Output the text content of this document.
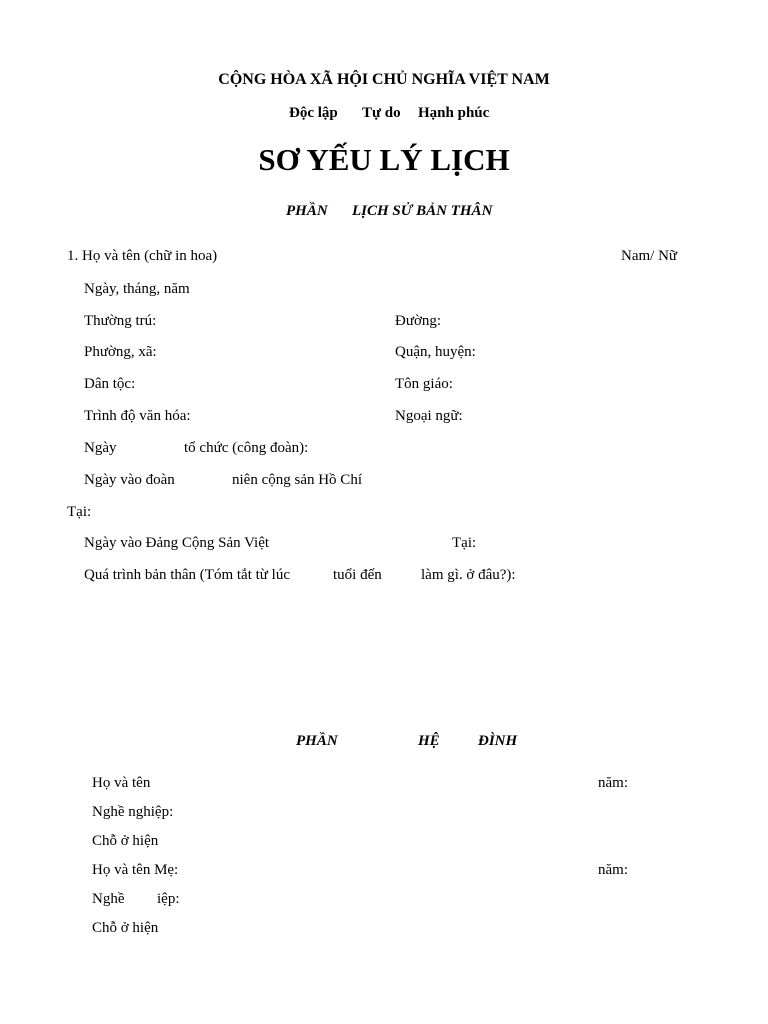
CỘNG HÒA XÃ HỘI CHỦ NGHĨA VIỆT NAM
Độc lập Tự do Hạnh phúc
SƠ YẾU LÝ LỊCH
PHẦN LỊCH SỬ BẢN THÂN
1. Họ và tên (chữ in hoa)	Nam/ Nữ
Ngày, tháng, năm
Thường trú:	Đường:
Phường, xã:	Quận, huyện:
Dân tộc:	Tôn giáo:
Trình độ văn hóa:	Ngoại ngữ:
Ngày	tổ chức (công đoàn):
Ngày vào đoàn	niên cộng sản Hồ Chí
Tại:
Ngày vào Đảng Cộng Sản Việt	Tại:
Quá trình bản thân (Tóm tắt từ lúc	tuổi đến	làm gì. ở đâu?):
PHẦN	HỆ	ĐÌNH
Họ và tên	năm:
Nghề nghiệp:
Chỗ ở hiện
Họ và tên Mẹ:	năm:
Nghề iệp:
Chỗ ở hiện
